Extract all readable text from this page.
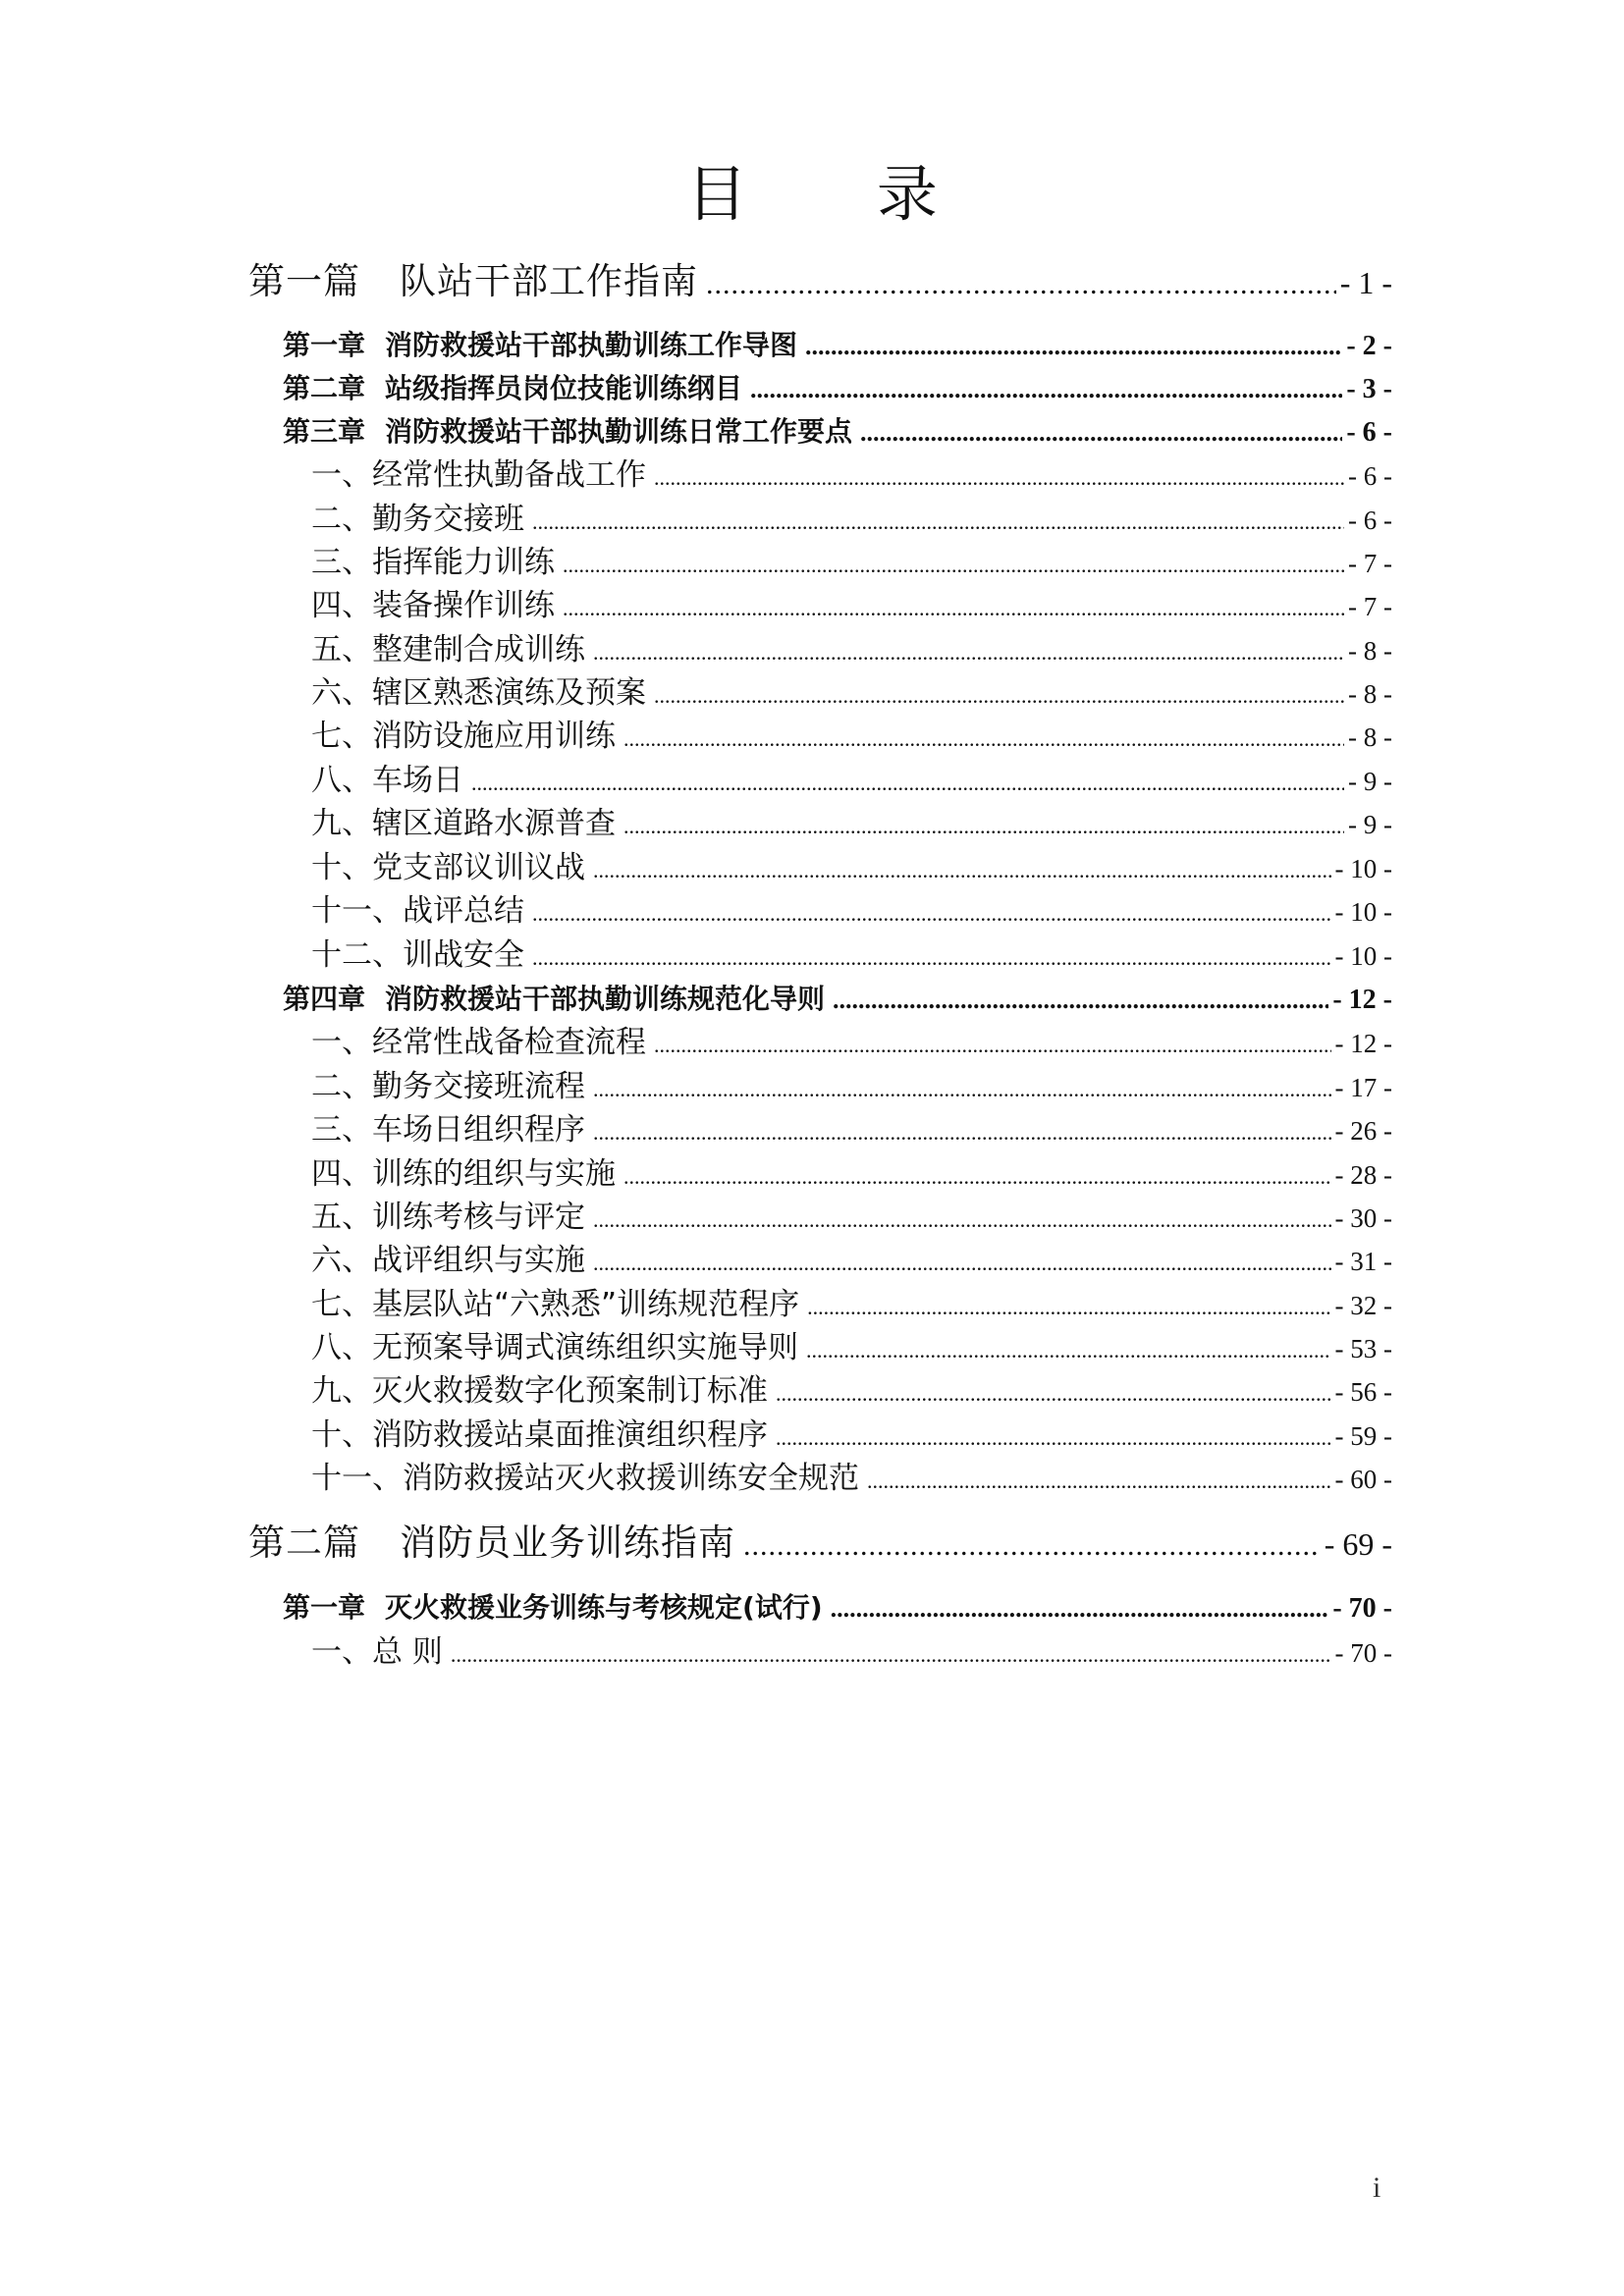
目 录
第一篇 队站干部工作指南 .....	- 1 -
第一章 消防救援站干部执勤训练工作导图 .....	- 2 -
第二章 站级指挥员岗位技能训练纲目 .....	- 3 -
第三章 消防救援站干部执勤训练日常工作要点 .....	- 6 -
一、经常性执勤备战工作 .....	- 6 -
二、勤务交接班 .....	- 6 -
三、指挥能力训练 .....	- 7 -
四、装备操作训练 .....	- 7 -
五、整建制合成训练 .....	- 8 -
六、辖区熟悉演练及预案 .....	- 8 -
七、消防设施应用训练 .....	- 8 -
八、车场日 .....	- 9 -
九、辖区道路水源普查 .....	- 9 -
十、党支部议训议战 .....	- 10 -
十一、战评总结 .....	- 10 -
十二、训战安全 .....	- 10 -
第四章 消防救援站干部执勤训练规范化导则 .....	- 12 -
一、经常性战备检查流程 .....	- 12 -
二、勤务交接班流程 .....	- 17 -
三、车场日组织程序 .....	- 26 -
四、训练的组织与实施 .....	- 28 -
五、训练考核与评定 .....	- 30 -
六、战评组织与实施 .....	- 31 -
七、基层队站“六熟悉”训练规范程序 .....	- 32 -
八、无预案导调式演练组织实施导则 .....	- 53 -
九、灭火救援数字化预案制订标准 .....	- 56 -
十、消防救援站桌面推演组织程序 .....	- 59 -
十一、消防救援站灭火救援训练安全规范 .....	- 60 -
第二篇 消防员业务训练指南 .....	- 69 -
第一章 灭火救援业务训练与考核规定(试行) .....	- 70 -
一、总 则 .....	- 70 -
i
